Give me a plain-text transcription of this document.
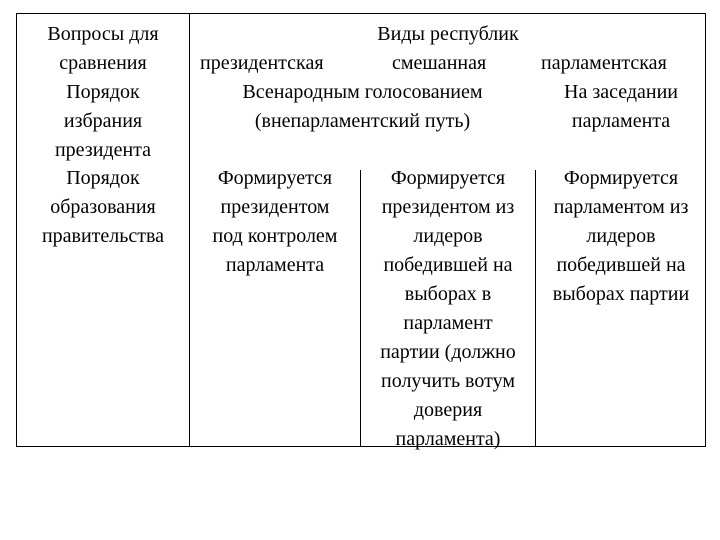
Вопросы для
сравнения
Виды республик
президентская	смешанная	парламентская
Порядок
избрания
президента
Всенародным голосованием
(внепарламентский путь)
На заседании
парламента
Порядок
образования
правительства
Формируется
президентом
под контролем
парламента
Формируется
президентом из
лидеров
победившей на
выборах в
парламент
партии (должно
получить вотум
доверия
парламента)
Формируется
парламентом из
лидеров
победившей на
выборах партии
